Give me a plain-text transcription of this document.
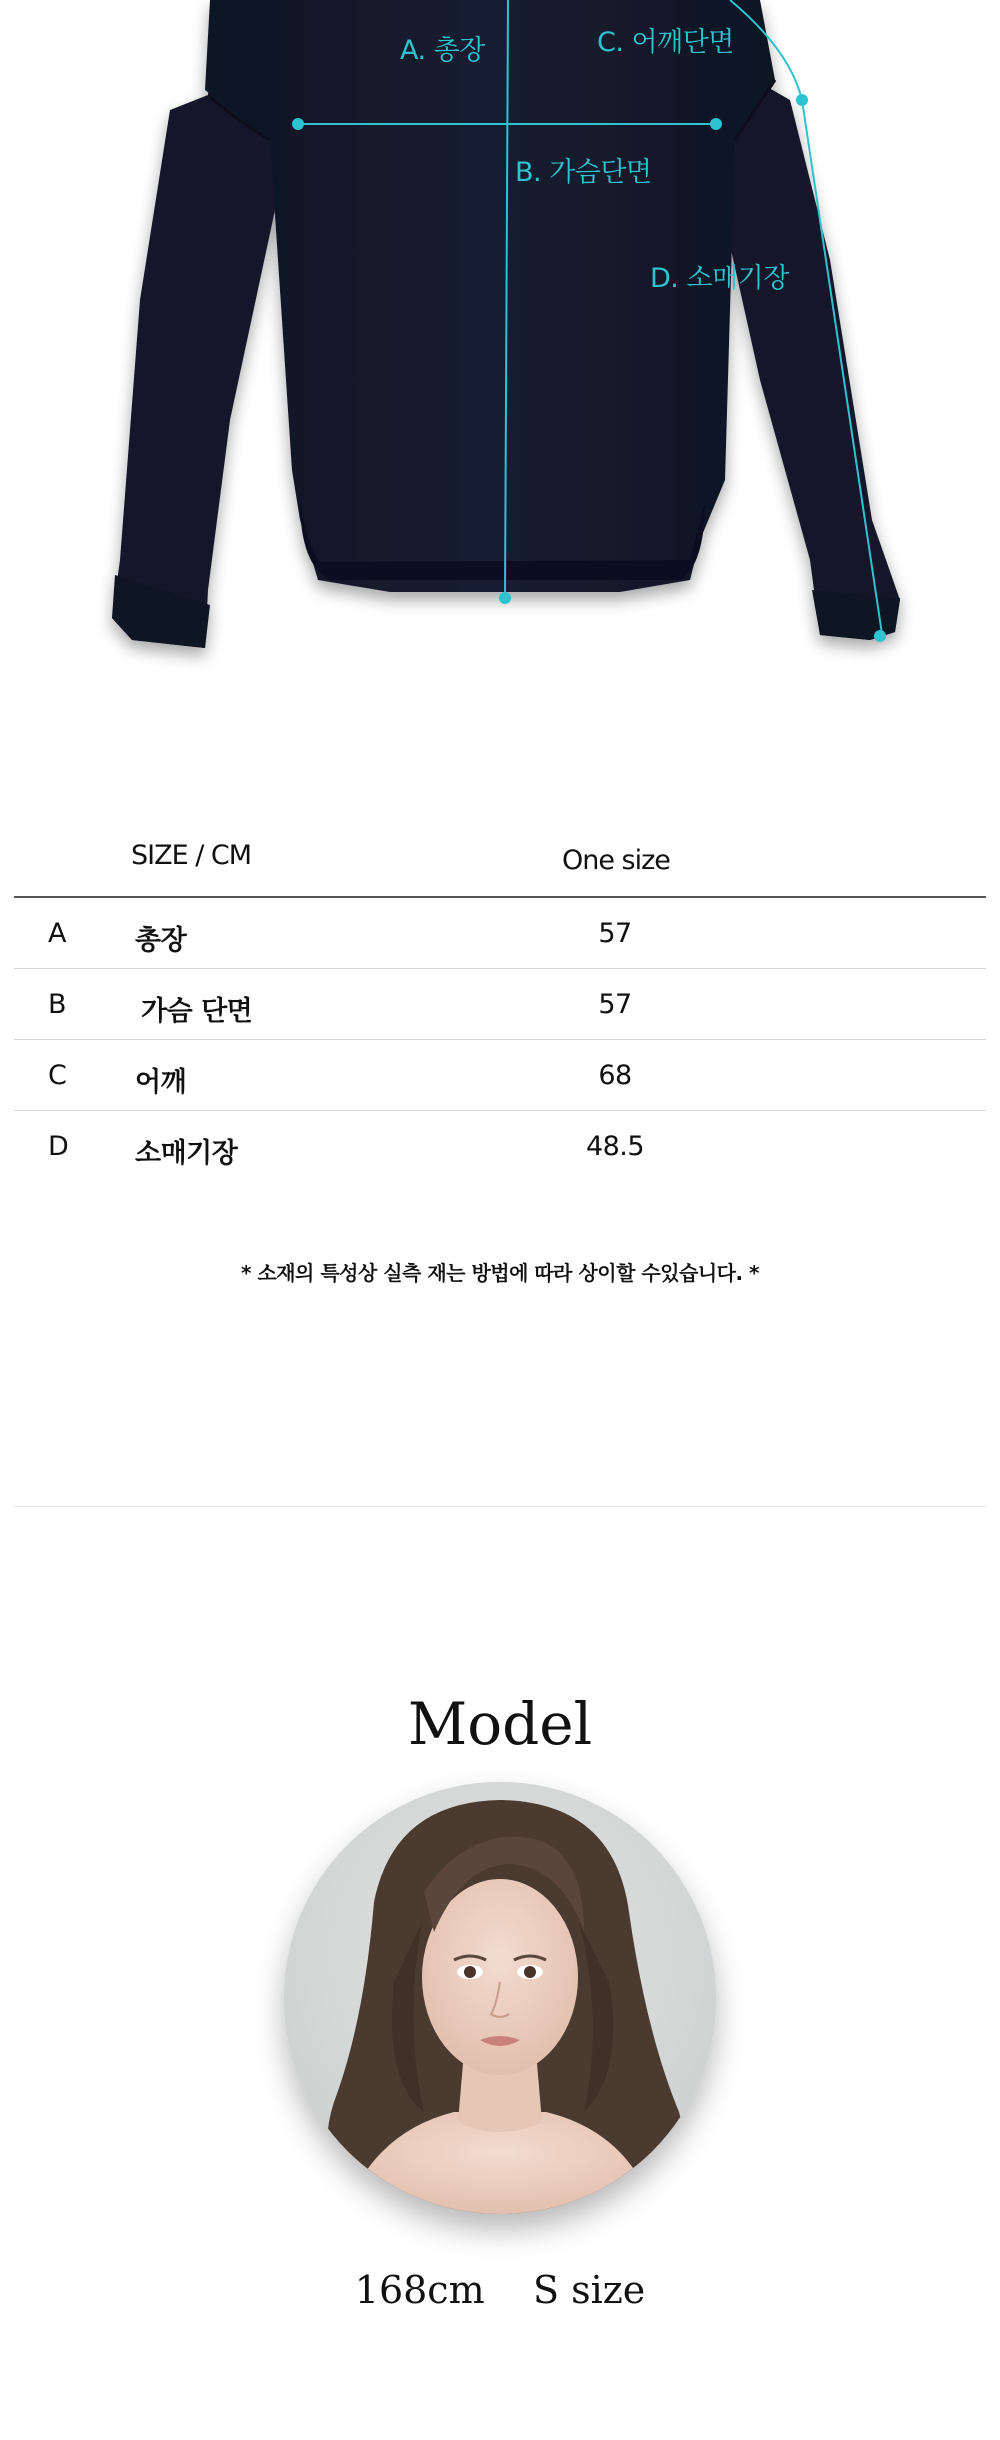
A. 총장
B. 가슴단면
C. 어깨단면
D. 소매기장
SIZE / CM	One size
A	총장	57
B	가슴 단면	57
C	어깨	68
D 소매기장	48.5
* 소재의 특성상 실측 재는 방법에 따라 상이할 수있습니다. *
Model
168cm S size
